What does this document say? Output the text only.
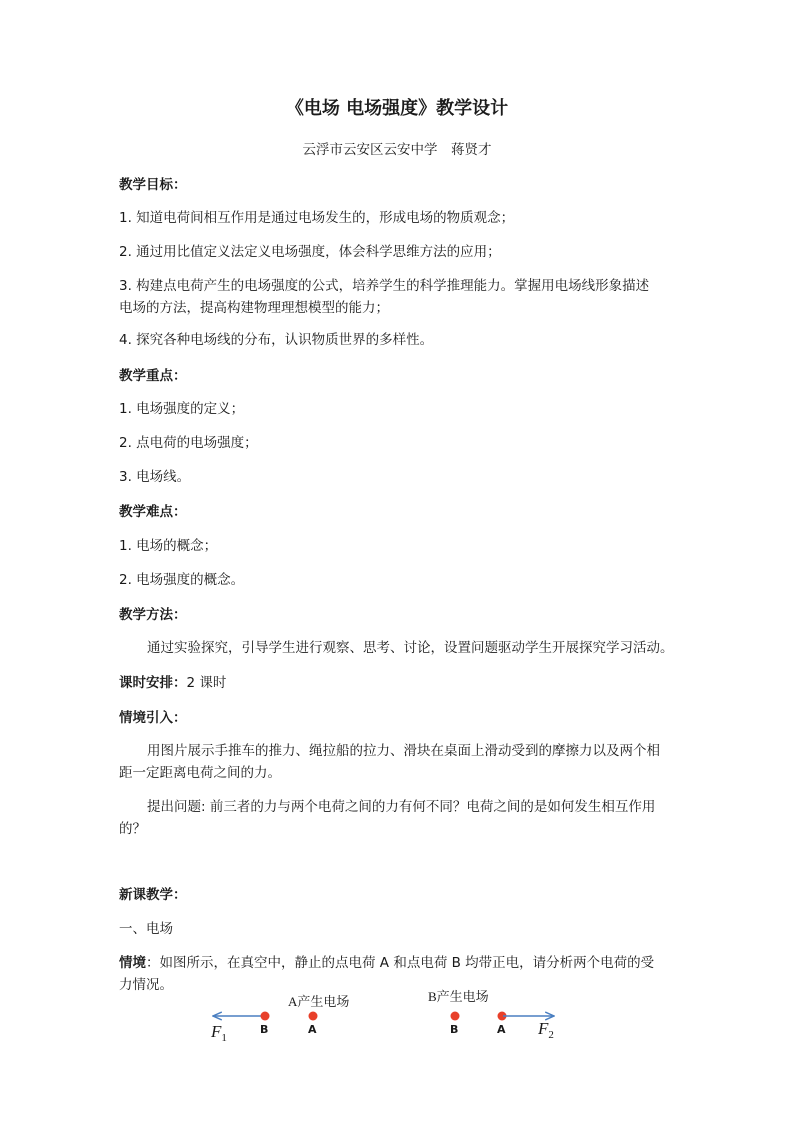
《电场 电场强度》教学设计
云浮市云安区云安中学　蒋贤才
教学目标：
1. 知道电荷间相互作用是通过电场发生的，形成电场的物质观念；
2. 通过用比值定义法定义电场强度，体会科学思维方法的应用；
3. 构建点电荷产生的电场强度的公式，培养学生的科学推理能力。掌握用电场线形象描述
电场的方法，提高构建物理理想模型的能力；
4. 探究各种电场线的分布，认识物质世界的多样性。
教学重点：
1. 电场强度的定义；
2. 点电荷的电场强度；
3. 电场线。
教学难点：
1. 电场的概念；
2. 电场强度的概念。
教学方法：
通过实验探究，引导学生进行观察、思考、讨论，设置问题驱动学生开展探究学习活动。
课时安排：2 课时
情境引入：
用图片展示手推车的推力、绳拉船的拉力、滑块在桌面上滑动受到的摩擦力以及两个相
距一定距离电荷之间的力。
提出问题: 前三者的力与两个电荷之间的力有何不同？电荷之间的是如何发生相互作用
的？
新课教学：
一、电场
情境：如图所示，在真空中，静止的点电荷 A 和点电荷 B 均带正电，请分析两个电荷的受
力情况。
A产生电场
B	A
$F_1$
B产生电场
B	A $F_2$
